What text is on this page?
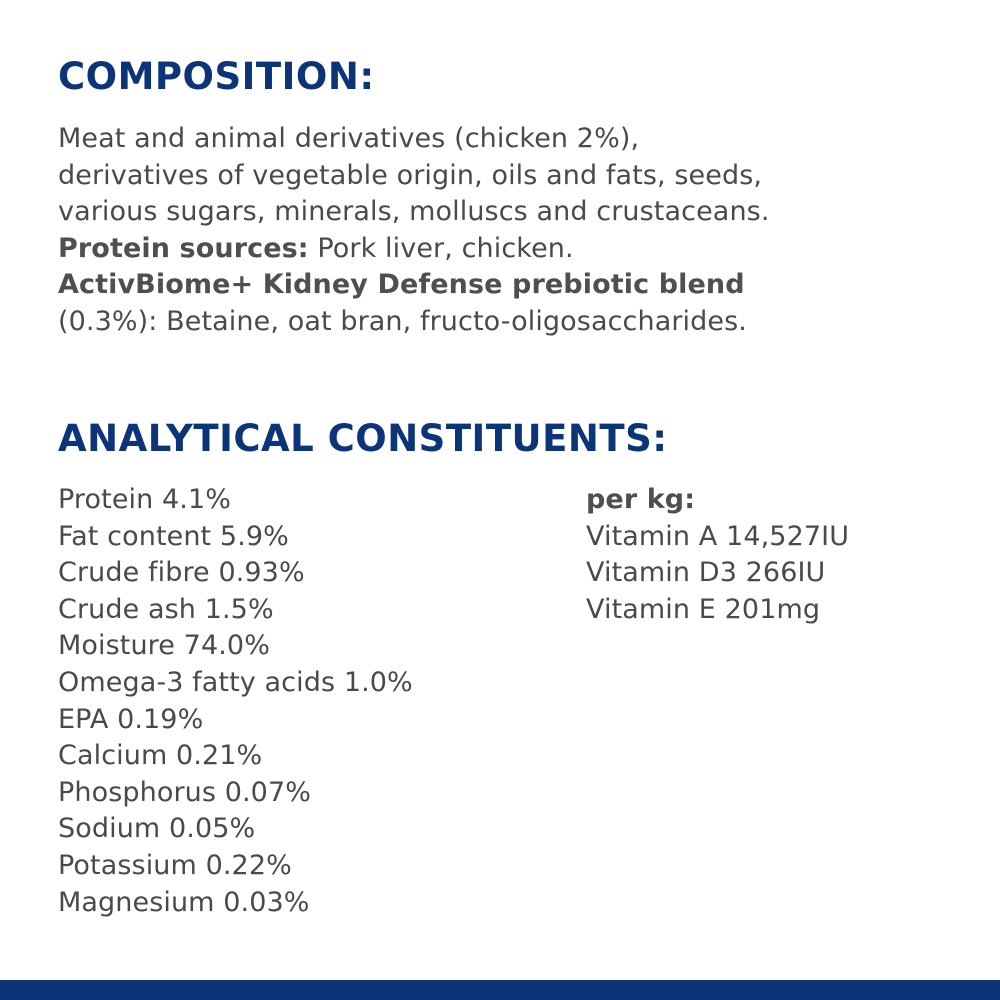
COMPOSITION:
Meat and animal derivatives (chicken 2%),
derivatives of vegetable origin, oils and fats, seeds,
various sugars, minerals, molluscs and crustaceans.
Protein sources: Pork liver, chicken.
ActivBiome+ Kidney Defense prebiotic blend
(0.3%): Betaine, oat bran, fructo-oligosaccharides.
ANALYTICAL CONSTITUENTS:
Protein 4.1%
Fat content 5.9%
Crude fibre 0.93%
Crude ash 1.5%
Moisture 74.0%
Omega-3 fatty acids 1.0%
EPA 0.19%
Calcium 0.21%
Phosphorus 0.07%
Sodium 0.05%
Potassium 0.22%
Magnesium 0.03%
per kg:
Vitamin A 14,527IU
Vitamin D3 266IU
Vitamin E 201mg
